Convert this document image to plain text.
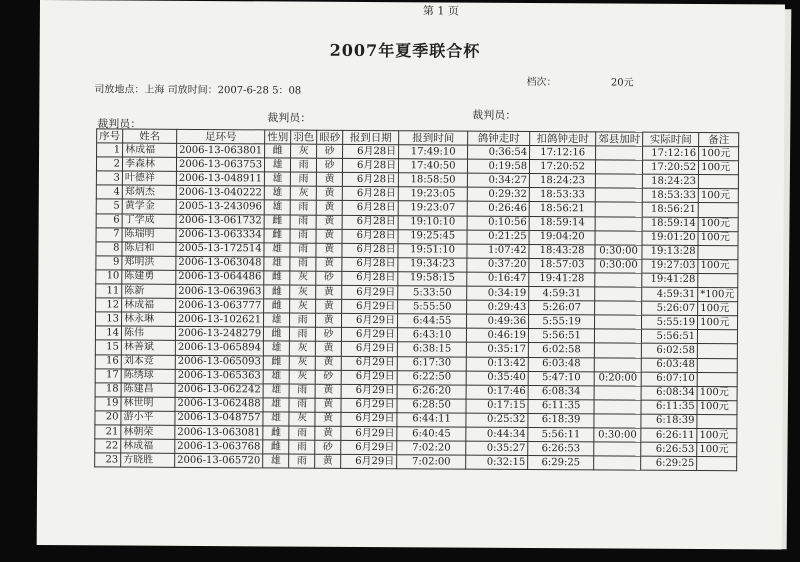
第 1 页
2007年夏季联合杯
司放地点：上海 司放时间：2007-6-28 5：08
档次：	20元
裁判员：	裁判员：	裁判员：
序号	姓名	足环号	性别	羽色	眼砂	报到日期	报到时间	鸽钟走时	扣鸽钟走时	郊县加时	实际时间	备注
1	林成福	2006-13-063801	雌	灰	砂	6月28日	17:49:10	0:36:54	17:12:16		17:12:16	100元
2	李森林	2006-13-063753	雄	雨	砂	6月28日	17:40:50	0:19:58	17:20:52		17:20:52	100元
3	叶德祥	2006-13-048911	雄	雨	黄	6月28日	18:58:50	0:34:27	18:24:23		18:24:23	
4	郑炳杰	2006-13-040222	雄	灰	黄	6月28日	19:23:05	0:29:32	18:53:33		18:53:33	100元
5	黄学金	2005-13-243096	雄	雨	黄	6月28日	19:23:07	0:26:46	18:56:21		18:56:21	
6	丁学成	2006-13-061732	雌	雨	黄	6月28日	19:10:10	0:10:56	18:59:14		18:59:14	100元
7	陈瑞明	2006-13-063334	雌	雨	黄	6月28日	19:25:45	0:21:25	19:04:20		19:01:20	100元
8	陈启和	2005-13-172514	雄	雨	黄	6月28日	19:51:10	1:07:42	18:43:28	0:30:00	19:13:28	
9	郑明洪	2006-13-063048	雄	雨	黄	6月28日	19:34:23	0:37:20	18:57:03	0:30:00	19:27:03	100元
10	陈建勇	2006-13-064486	雌	灰	砂	6月28日	19:58:15	0:16:47	19:41:28		19:41:28	
11	陈新	2006-13-063963	雌	灰	黄	6月29日	5:33:50	0:34:19	4:59:31		4:59:31	*100元
12	林成福	2006-13-063777	雌	灰	黄	6月29日	5:55:50	0:29:43	5:26:07		5:26:07	100元
13	林永琳	2006-13-102621	雄	雨	黄	6月29日	6:44:55	0:49:36	5:55:19		5:55:19	100元
14	陈伟	2006-13-248279	雌	雨	砂	6月29日	6:43:10	0:46:19	5:56:51		5:56:51	
15	林善斌	2006-13-065894	雄	灰	黄	6月29日	6:38:15	0:35:17	6:02:58		6:02:58	
16	刘本竞	2006-13-065093	雌	灰	黄	6月29日	6:17:30	0:13:42	6:03:48		6:03:48	
17	陈绣球	2006-13-065363	雄	灰	砂	6月29日	6:22:50	0:35:40	5:47:10	0:20:00	6:07:10	
18	陈建昌	2006-13-062242	雄	雨	黄	6月29日	6:26:20	0:17:46	6:08:34		6:08:34	100元
19	林世明	2006-13-062488	雄	雨	黄	6月29日	6:28:50	0:17:15	6:11:35		6:11:35	100元
20	游小平	2006-13-048757	雄	灰	黄	6月29日	6:44:11	0:25:32	6:18:39		6:18:39	
21	林朝荣	2006-13-063081	雌	雨	黄	6月29日	6:40:45	0:44:34	5:56:11	0:30:00	6:26:11	100元
22	林成福	2006-13-063768	雌	雨	砂	6月29日	7:02:20	0:35:27	6:26:53		6:26:53	100元
23	方晓胜	2006-13-065720	雄	雨	黄	6月29日	7:02:00	0:32:15	6:29:25		6:29:25	
